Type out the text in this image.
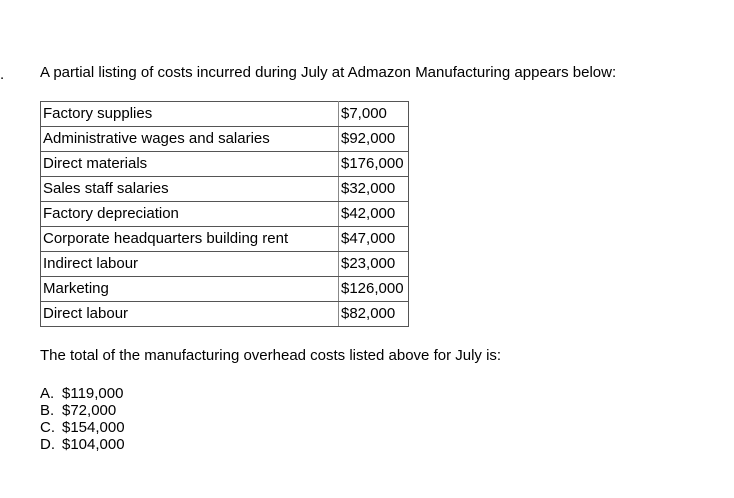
. A partial listing of costs incurred during July at Admazon Manufacturing appears below:
Factory supplies	$7,000
Administrative wages and salaries	$92,000
Direct materials	$176,000
Sales staff salaries	$32,000
Factory depreciation	$42,000
Corporate headquarters building rent	$47,000
Indirect labour	$23,000
Marketing	$126,000
Direct labour	$82,000
The total of the manufacturing overhead costs listed above for July is:
A. $119,000
B. $72,000
C. $154,000
D. $104,000
